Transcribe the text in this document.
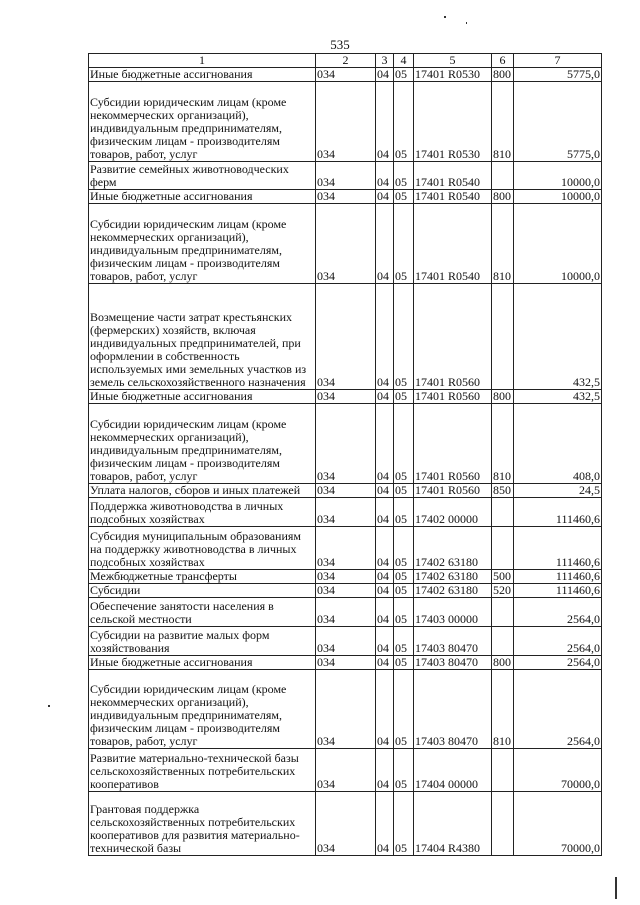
535
1	2	3	4	5	6	7
Иные бюджетные ассигнования	034	04	05	17401 R0530	800	5775,0
Субсидии юридическим лицам (кроме некоммерческих организаций), индивидуальным предпринимателям, физическим лицам - производителям товаров, работ, услуг	034	04	05	17401 R0530	810	5775,0
Развитие семейных животноводческих ферм	034	04	05	17401 R0540		10000,0
Иные бюджетные ассигнования	034	04	05	17401 R0540	800	10000,0
Субсидии юридическим лицам (кроме некоммерческих организаций), индивидуальным предпринимателям, физическим лицам - производителям товаров, работ, услуг	034	04	05	17401 R0540	810	10000,0
Возмещение части затрат крестьянских (фермерских) хозяйств, включая индивидуальных предпринимателей, при оформлении в собственность используемых ими земельных участков из земель сельскохозяйственного назначения	034	04	05	17401 R0560		432,5
Иные бюджетные ассигнования	034	04	05	17401 R0560	800	432,5
Субсидии юридическим лицам (кроме некоммерческих организаций), индивидуальным предпринимателям, физическим лицам - производителям товаров, работ, услуг	034	04	05	17401 R0560	810	408,0
Уплата налогов, сборов и иных платежей	034	04	05	17401 R0560	850	24,5
Поддержка животноводства в личных подсобных хозяйствах	034	04	05	17402 00000		111460,6
Субсидия муниципальным образованиям на поддержку животноводства в личных подсобных хозяйствах	034	04	05	17402 63180		111460,6
Межбюджетные трансферты	034	04	05	17402 63180	500	111460,6
Субсидии	034	04	05	17402 63180	520	111460,6
Обеспечение занятости населения в сельской местности	034	04	05	17403 00000		2564,0
Субсидии на развитие малых форм хозяйствования	034	04	05	17403 80470		2564,0
Иные бюджетные ассигнования	034	04	05	17403 80470	800	2564,0
Субсидии юридическим лицам (кроме некоммерческих организаций), индивидуальным предпринимателям, физическим лицам - производителям товаров, работ, услуг	034	04	05	17403 80470	810	2564,0
Развитие материально-технической базы сельскохозяйственных потребительских кооперативов	034	04	05	17404 00000		70000,0
Грантовая поддержка сельскохозяйственных потребительских кооперативов для развития материально-технической базы	034	04	05	17404 R4380		70000,0
